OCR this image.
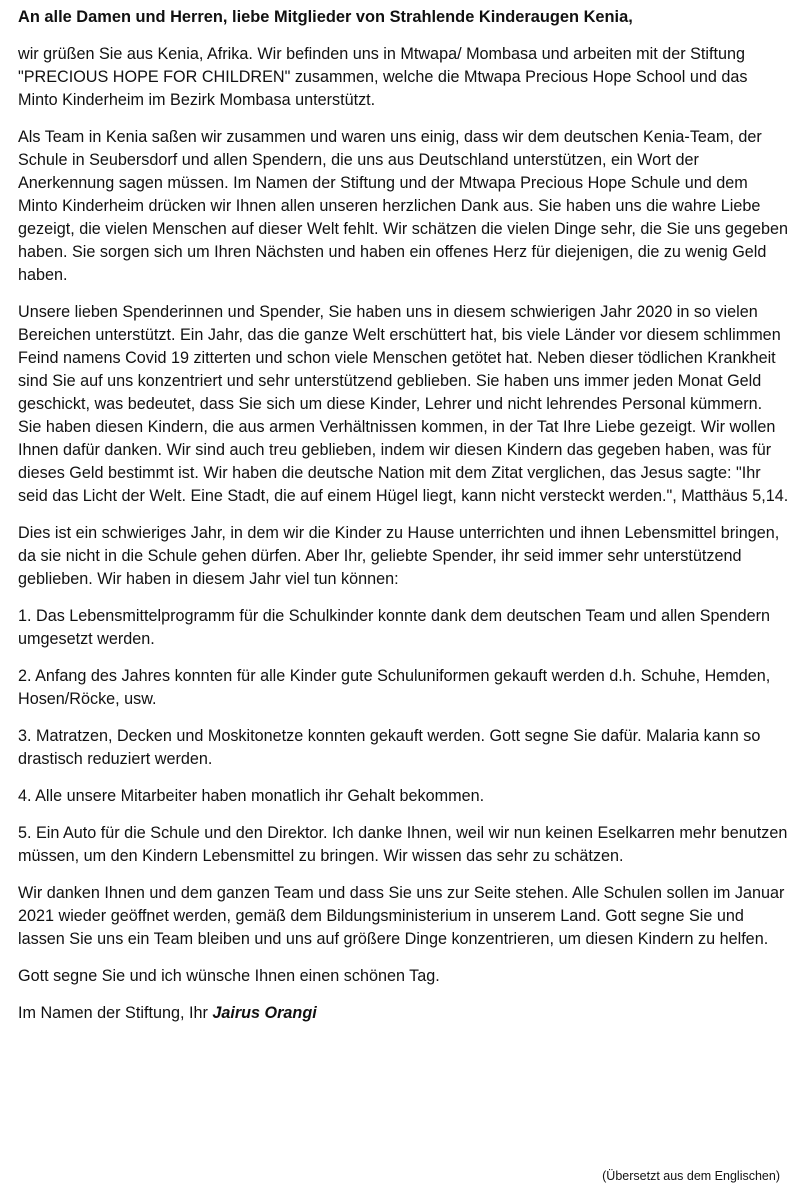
An alle Damen und Herren, liebe Mitglieder von Strahlende Kinderaugen Kenia,

wir grüßen Sie aus Kenia, Afrika. Wir befinden uns in Mtwapa/ Mombasa und arbeiten mit der Stiftung "PRECIOUS HOPE FOR CHILDREN" zusammen, welche die Mtwapa Precious Hope School und das Minto Kinderheim im Bezirk Mombasa unterstützt.

Als Team in Kenia saßen wir zusammen und waren uns einig, dass wir dem deutschen Kenia-Team, der Schule in Seubersdorf und allen Spendern, die uns aus Deutschland unterstützen, ein Wort der Anerkennung sagen müssen. Im Namen der Stiftung und der Mtwapa Precious Hope Schule und dem Minto Kinderheim drücken wir Ihnen allen unseren herzlichen Dank aus. Sie haben uns die wahre Liebe gezeigt, die vielen Menschen auf dieser Welt fehlt. Wir schätzen die vielen Dinge sehr, die Sie uns gegeben haben. Sie sorgen sich um Ihren Nächsten und haben ein offenes Herz für diejenigen, die zu wenig Geld haben.

Unsere lieben Spenderinnen und Spender, Sie haben uns in diesem schwierigen Jahr 2020 in so vielen Bereichen unterstützt. Ein Jahr, das die ganze Welt erschüttert hat, bis viele Länder vor diesem schlimmen Feind namens Covid 19 zitterten und schon viele Menschen getötet hat. Neben dieser tödlichen Krankheit sind Sie auf uns konzentriert und sehr unterstützend geblieben. Sie haben uns immer jeden Monat Geld geschickt, was bedeutet, dass Sie sich um diese Kinder, Lehrer und nicht lehrendes Personal kümmern. Sie haben diesen Kindern, die aus armen Verhältnissen kommen, in der Tat Ihre Liebe gezeigt. Wir wollen Ihnen dafür danken. Wir sind auch treu geblieben, indem wir diesen Kindern das gegeben haben, was für dieses Geld bestimmt ist. Wir haben die deutsche Nation mit dem Zitat verglichen, das Jesus sagte: "Ihr seid das Licht der Welt. Eine Stadt, die auf einem Hügel liegt, kann nicht versteckt werden.", Matthäus 5,14.

Dies ist ein schwieriges Jahr, in dem wir die Kinder zu Hause unterrichten und ihnen Lebensmittel bringen, da sie nicht in die Schule gehen dürfen. Aber Ihr, geliebte Spender, ihr seid immer sehr unterstützend geblieben. Wir haben in diesem Jahr viel tun können:

1. Das Lebensmittelprogramm für die Schulkinder konnte dank dem deutschen Team und allen Spendern umgesetzt werden.

2. Anfang des Jahres konnten für alle Kinder gute Schuluniformen gekauft werden d.h. Schuhe, Hemden, Hosen/Röcke, usw.

3. Matratzen, Decken und Moskitonetze konnten gekauft werden. Gott segne Sie dafür. Malaria kann so drastisch reduziert werden.

4. Alle unsere Mitarbeiter haben monatlich ihr Gehalt bekommen.

5. Ein Auto für die Schule und den Direktor. Ich danke Ihnen, weil wir nun keinen Eselkarren mehr benutzen müssen, um den Kindern Lebensmittel zu bringen. Wir wissen das sehr zu schätzen.

Wir danken Ihnen und dem ganzen Team und dass Sie uns zur Seite stehen. Alle Schulen sollen im Januar 2021 wieder geöffnet werden, gemäß dem Bildungsministerium in unserem Land. Gott segne Sie und lassen Sie uns ein Team bleiben und uns auf größere Dinge konzentrieren, um diesen Kindern zu helfen.

Gott segne Sie und ich wünsche Ihnen einen schönen Tag.

Im Namen der Stiftung, Ihr Jairus Orangi

(Übersetzt aus dem Englischen)
